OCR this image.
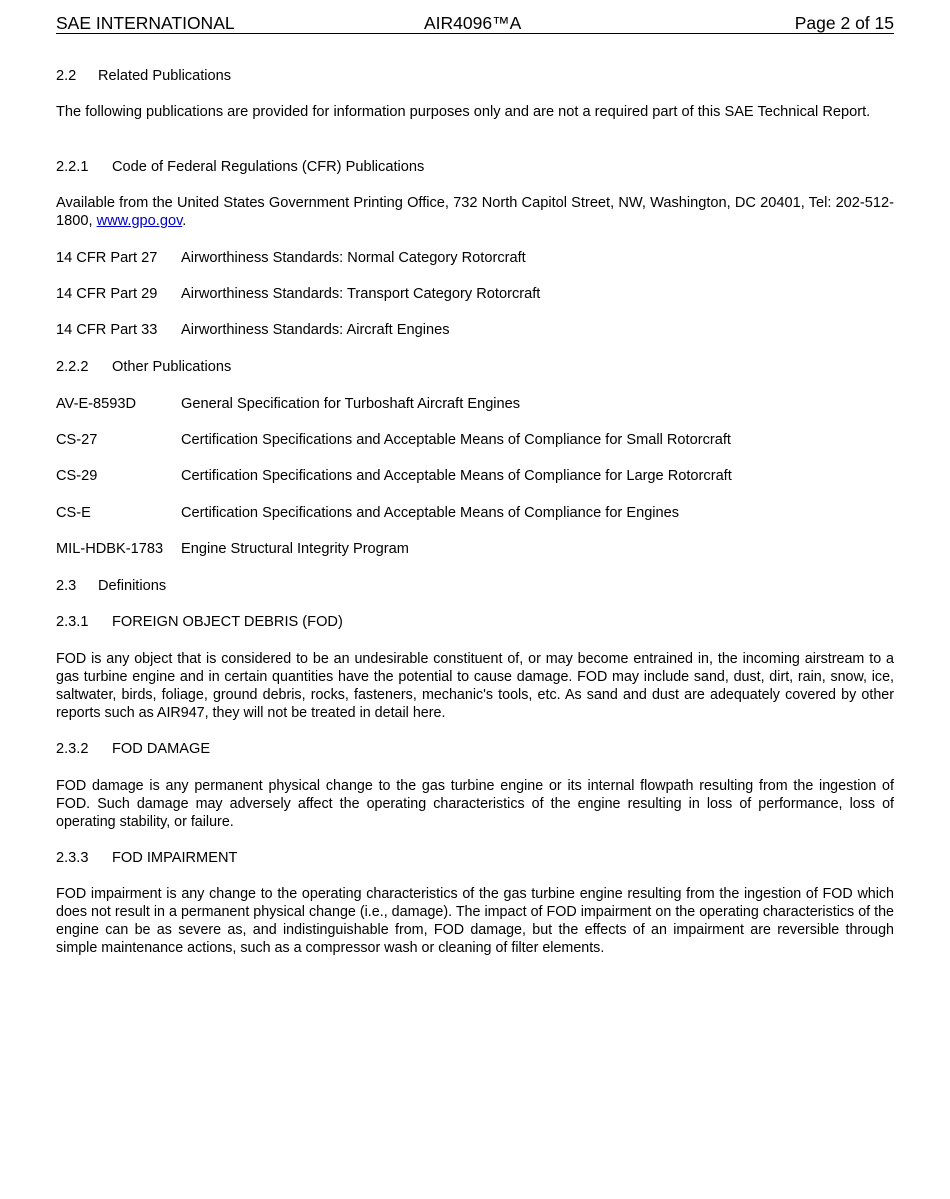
SAE INTERNATIONAL	AIR4096™A	Page 2 of 15
2.2 Related Publications
The following publications are provided for information purposes only and are not a required part of this SAE Technical Report.
2.2.1 Code of Federal Regulations (CFR) Publications
Available from the United States Government Printing Office, 732 North Capitol Street, NW, Washington, DC 20401, Tel: 202-512-1800, www.gpo.gov.
14 CFR Part 27 Airworthiness Standards: Normal Category Rotorcraft
14 CFR Part 29 Airworthiness Standards: Transport Category Rotorcraft
14 CFR Part 33 Airworthiness Standards: Aircraft Engines
2.2.2 Other Publications
AV-E-8593D	General Specification for Turboshaft Aircraft Engines
CS-27	Certification Specifications and Acceptable Means of Compliance for Small Rotorcraft
CS-29	Certification Specifications and Acceptable Means of Compliance for Large Rotorcraft
CS-E	Certification Specifications and Acceptable Means of Compliance for Engines
MIL-HDBK-1783 Engine Structural Integrity Program
2.3 Definitions
2.3.1 FOREIGN OBJECT DEBRIS (FOD)
FOD is any object that is considered to be an undesirable constituent of, or may become entrained in, the incoming airstream to a gas turbine engine and in certain quantities have the potential to cause damage. FOD may include sand, dust, dirt, rain, snow, ice, saltwater, birds, foliage, ground debris, rocks, fasteners, mechanic's tools, etc. As sand and dust are adequately covered by other reports such as AIR947, they will not be treated in detail here.
2.3.2 FOD DAMAGE
FOD damage is any permanent physical change to the gas turbine engine or its internal flowpath resulting from the ingestion of FOD. Such damage may adversely affect the operating characteristics of the engine resulting in loss of performance, loss of operating stability, or failure.
2.3.3 FOD IMPAIRMENT
FOD impairment is any change to the operating characteristics of the gas turbine engine resulting from the ingestion of FOD which does not result in a permanent physical change (i.e., damage). The impact of FOD impairment on the operating characteristics of the engine can be as severe as, and indistinguishable from, FOD damage, but the effects of an impairment are reversible through simple maintenance actions, such as a compressor wash or cleaning of filter elements.
